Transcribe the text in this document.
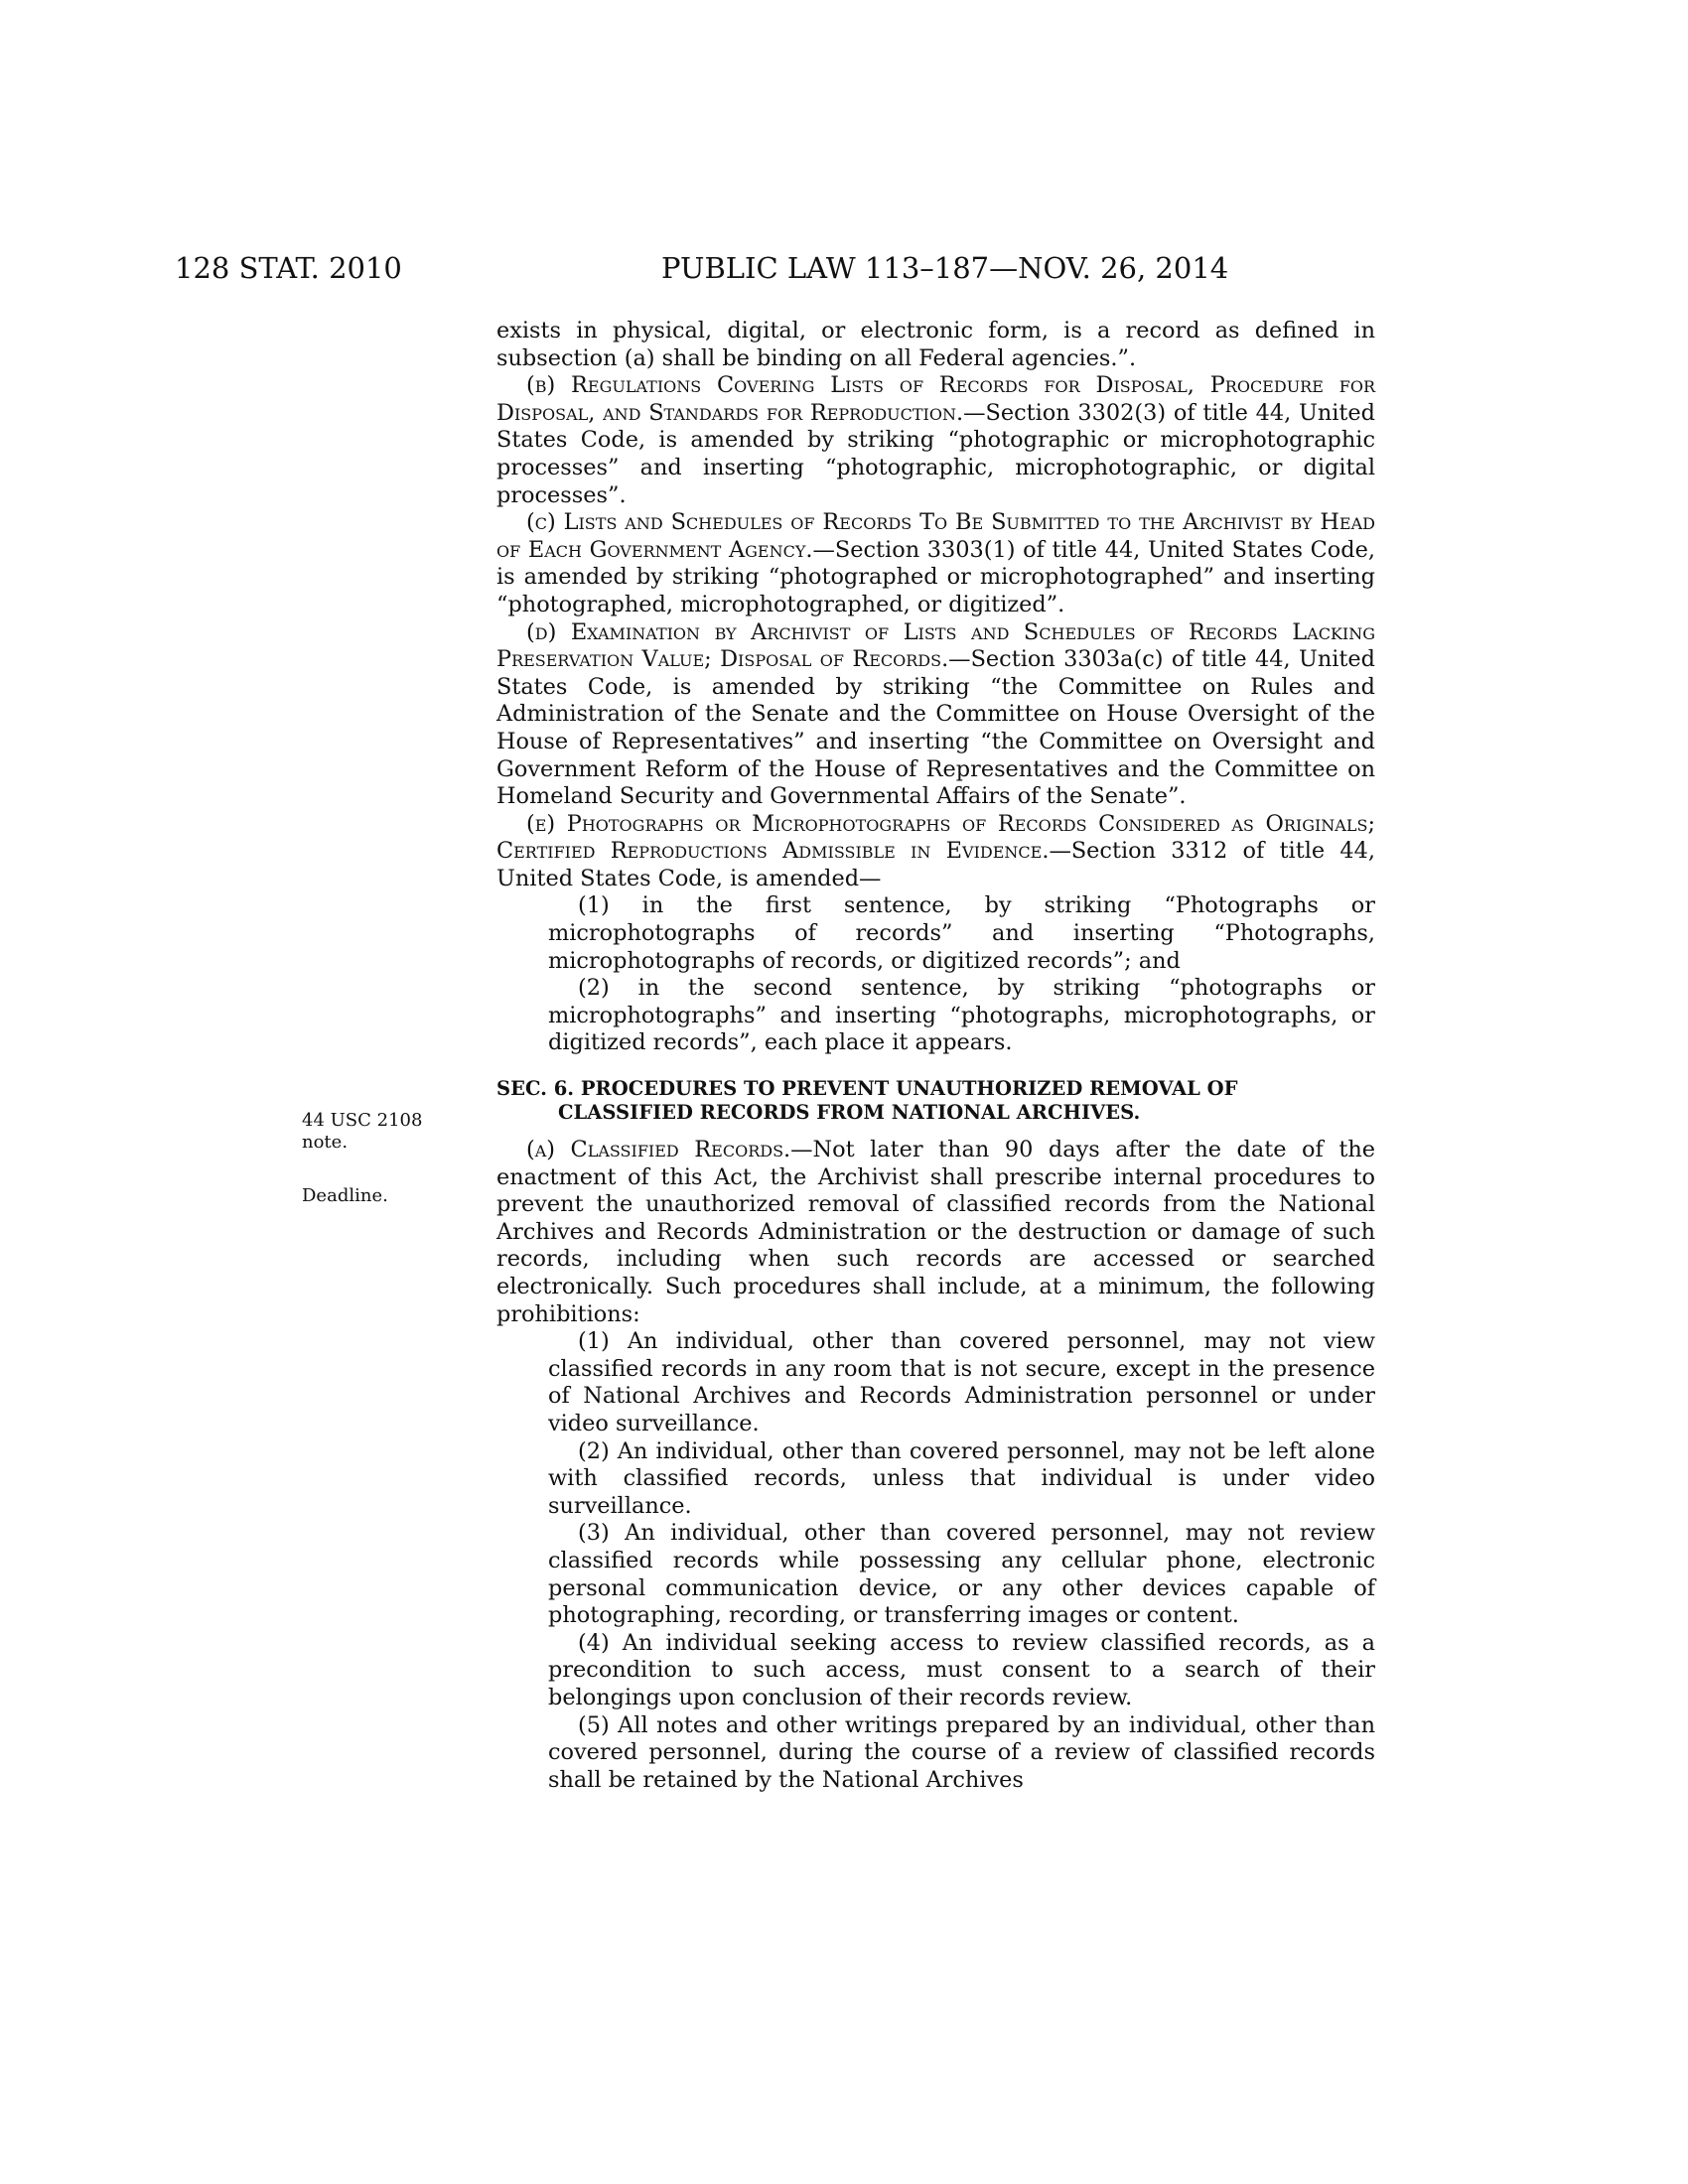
128 STAT. 2010	PUBLIC LAW 113–187—NOV. 26, 2014
44 USC 2108
note.
Deadline.

exists in physical, digital, or electronic form, is a record as defined in subsection (a) shall be binding on all Federal agencies.”.

(b) Regulations Covering Lists of Records for Disposal, Procedure for Disposal, and Standards for Reproduction.—Section 3302(3) of title 44, United States Code, is amended by striking “photographic or microphotographic processes” and inserting “photographic, microphotographic, or digital processes”.

(c) Lists and Schedules of Records To Be Submitted to the Archivist by Head of Each Government Agency.—Section 3303(1) of title 44, United States Code, is amended by striking “photographed or microphotographed” and inserting “photographed, microphotographed, or digitized”.

(d) Examination by Archivist of Lists and Schedules of Records Lacking Preservation Value; Disposal of Records.—Section 3303a(c) of title 44, United States Code, is amended by striking “the Committee on Rules and Administration of the Senate and the Committee on House Oversight of the House of Representatives” and inserting “the Committee on Oversight and Government Reform of the House of Representatives and the Committee on Homeland Security and Governmental Affairs of the Senate”.

(e) Photographs or Microphotographs of Records Considered as Originals; Certified Reproductions Admissible in Evidence.—Section 3312 of title 44, United States Code, is amended—

(1) in the first sentence, by striking “Photographs or microphotographs of records” and inserting “Photographs, microphotographs of records, or digitized records”; and

(2) in the second sentence, by striking “photographs or microphotographs” and inserting “photographs, microphotographs, or digitized records”, each place it appears.

SEC. 6. PROCEDURES TO PREVENT UNAUTHORIZED REMOVAL OF CLASSIFIED RECORDS FROM NATIONAL ARCHIVES.

(a) Classified Records.—Not later than 90 days after the date of the enactment of this Act, the Archivist shall prescribe internal procedures to prevent the unauthorized removal of classified records from the National Archives and Records Administration or the destruction or damage of such records, including when such records are accessed or searched electronically. Such procedures shall include, at a minimum, the following prohibitions:

(1) An individual, other than covered personnel, may not view classified records in any room that is not secure, except in the presence of National Archives and Records Administration personnel or under video surveillance.

(2) An individual, other than covered personnel, may not be left alone with classified records, unless that individual is under video surveillance.

(3) An individual, other than covered personnel, may not review classified records while possessing any cellular phone, electronic personal communication device, or any other devices capable of photographing, recording, or transferring images or content.

(4) An individual seeking access to review classified records, as a precondition to such access, must consent to a search of their belongings upon conclusion of their records review.

(5) All notes and other writings prepared by an individual, other than covered personnel, during the course of a review of classified records shall be retained by the National Archives
